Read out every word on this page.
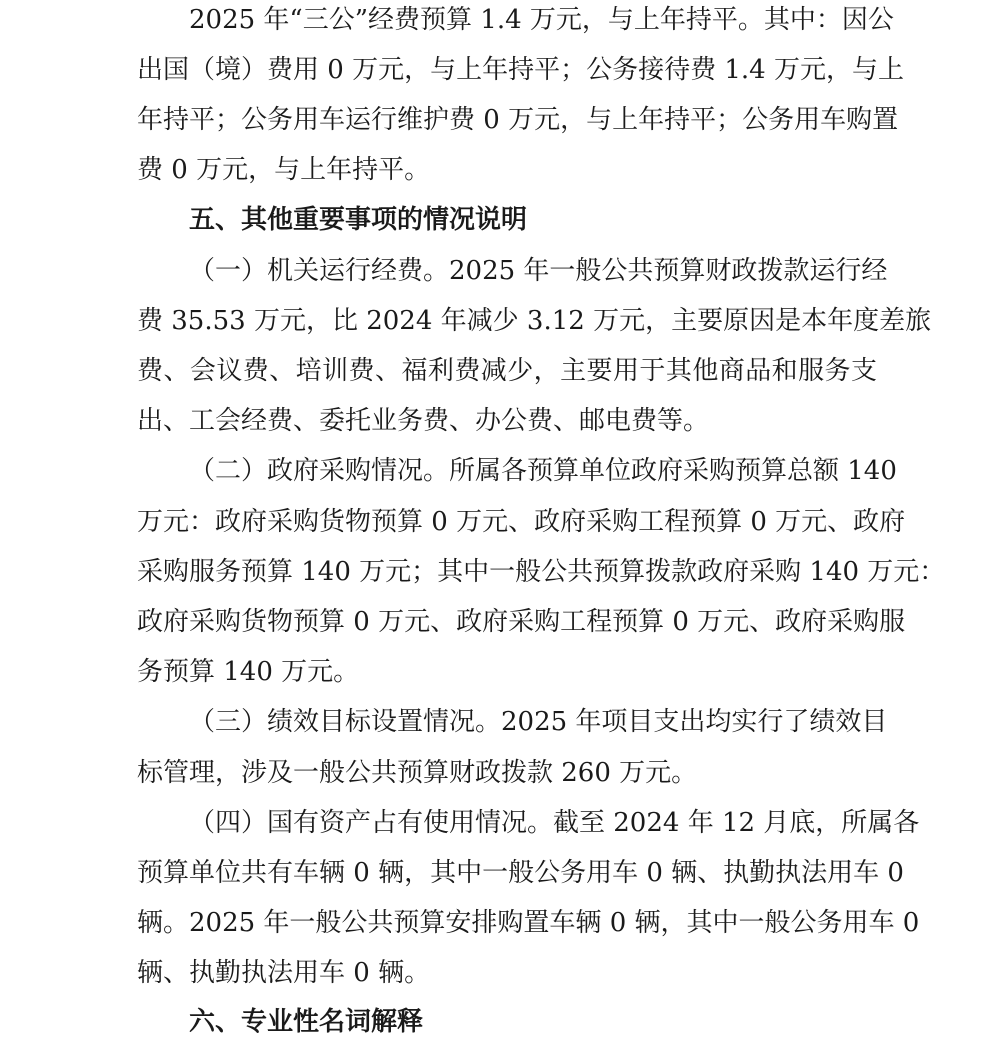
2025 年“三公”经费预算 1.4 万元，与上年持平。其中：因公
出国（境）费用 0 万元，与上年持平；公务接待费 1.4 万元，与上
年持平；公务用车运行维护费 0 万元，与上年持平；公务用车购置
费 0 万元，与上年持平。
五、其他重要事项的情况说明
（一）机关运行经费。2025 年一般公共预算财政拨款运行经
费 35.53 万元，比 2024 年减少 3.12 万元，主要原因是本年度差旅
费、会议费、培训费、福利费减少，主要用于其他商品和服务支
出、工会经费、委托业务费、办公费、邮电费等。
（二）政府采购情况。所属各预算单位政府采购预算总额 140
万元：政府采购货物预算 0 万元、政府采购工程预算 0 万元、政府
采购服务预算 140 万元；其中一般公共预算拨款政府采购 140 万元：
政府采购货物预算 0 万元、政府采购工程预算 0 万元、政府采购服
务预算 140 万元。
（三）绩效目标设置情况。2025 年项目支出均实行了绩效目
标管理，涉及一般公共预算财政拨款 260 万元。
（四）国有资产占有使用情况。截至 2024 年 12 月底，所属各
预算单位共有车辆 0 辆，其中一般公务用车 0 辆、执勤执法用车 0
辆。2025 年一般公共预算安排购置车辆 0 辆，其中一般公务用车 0
辆、执勤执法用车 0 辆。
六、专业性名词解释
